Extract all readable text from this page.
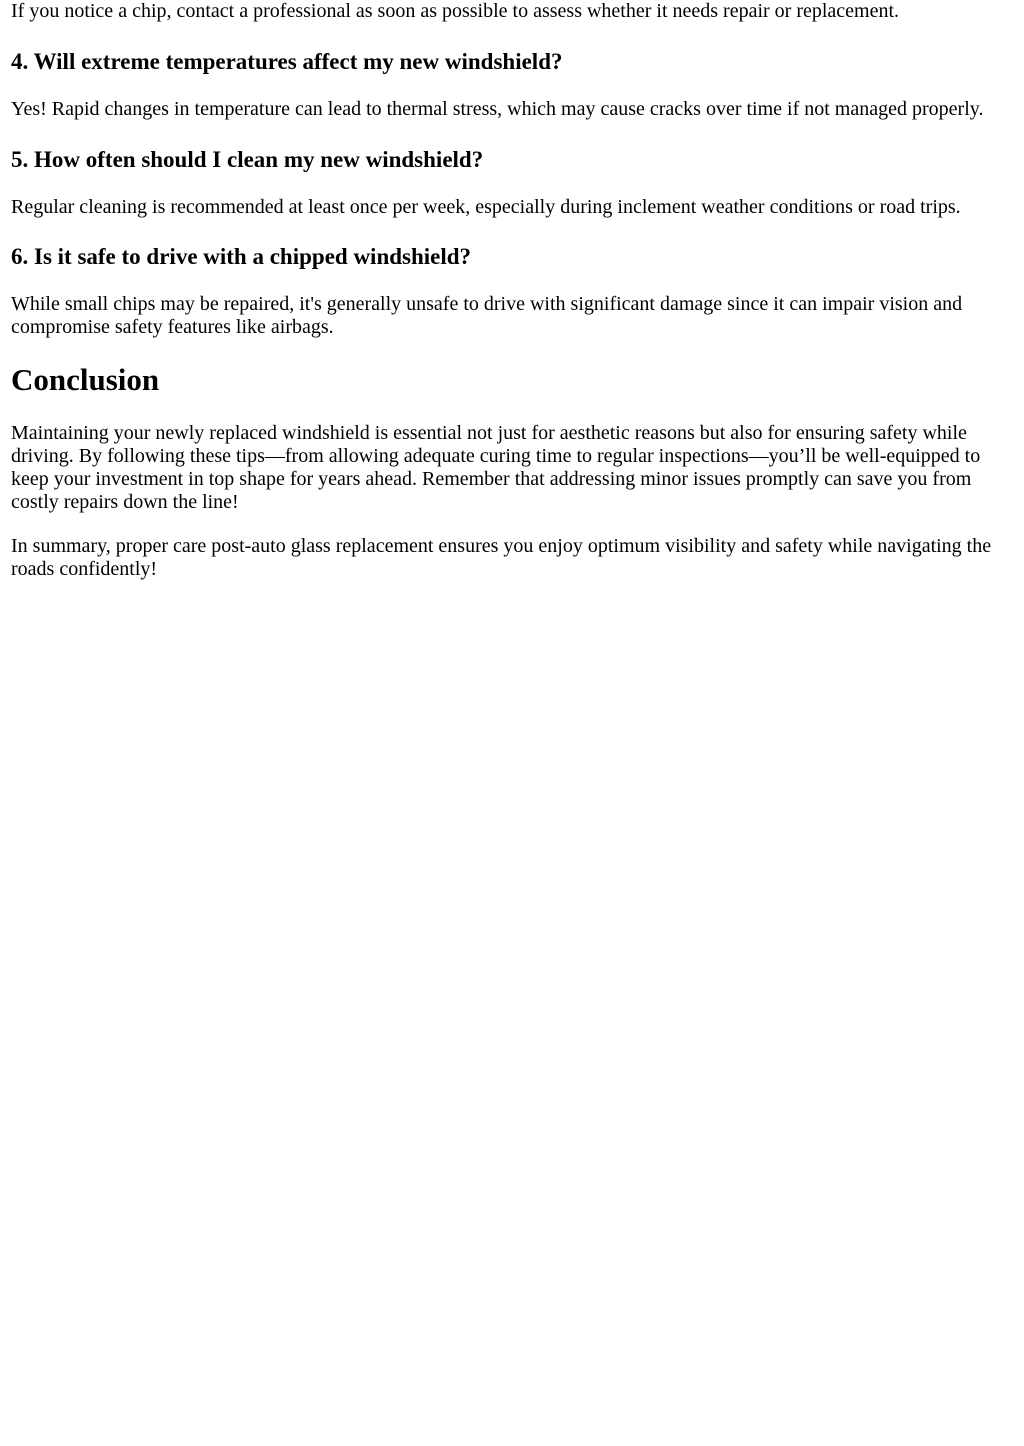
If you notice a chip, contact a professional as soon as possible to assess whether it needs repair or replacement.

4. Will extreme temperatures affect my new windshield?

Yes! Rapid changes in temperature can lead to thermal stress, which may cause cracks over time if not managed properly.

5. How often should I clean my new windshield?

Regular cleaning is recommended at least once per week, especially during inclement weather conditions or road trips.

6. Is it safe to drive with a chipped windshield?

While small chips may be repaired, it's generally unsafe to drive with significant damage since it can impair vision and compromise safety features like airbags.

Conclusion

Maintaining your newly replaced windshield is essential not just for aesthetic reasons but also for ensuring safety while driving. By following these tips—from allowing adequate curing time to regular inspections—you’ll be well-equipped to keep your investment in top shape for years ahead. Remember that addressing minor issues promptly can save you from costly repairs down the line!

In summary, proper care post-auto glass replacement ensures you enjoy optimum visibility and safety while navigating the roads confidently!
